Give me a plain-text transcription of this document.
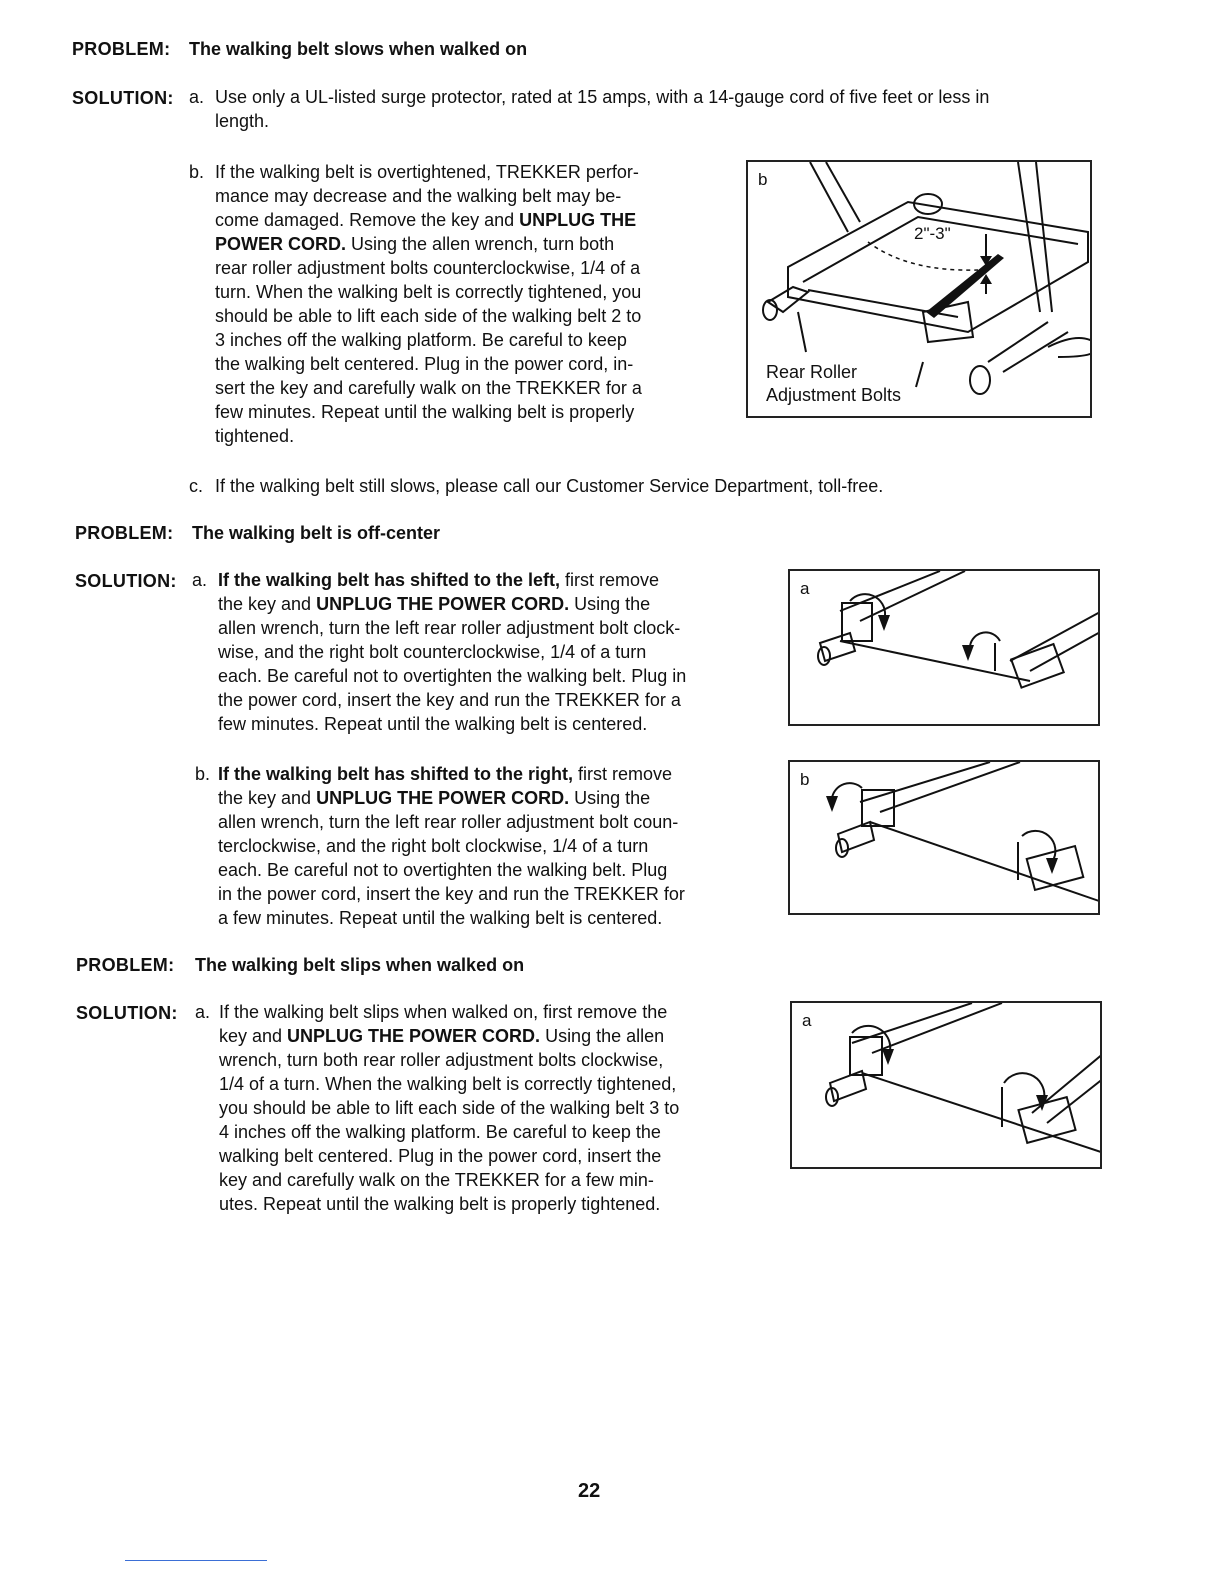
PROBLEM: The walking belt slows when walked on
SOLUTION: a. Use only a UL-listed surge protector, rated at 15 amps, with a 14-gauge cord of five feet or less in
length.
b. If the walking belt is overtightened, TREKKER perfor-
mance may decrease and the walking belt may be-
come damaged. Remove the key and UNPLUG THE
POWER CORD. Using the allen wrench, turn both
rear roller adjustment bolts counterclockwise, 1/4 of a
turn. When the walking belt is correctly tightened, you
should be able to lift each side of the walking belt 2 to
3 inches off the walking platform. Be careful to keep
the walking belt centered. Plug in the power cord, in-
sert the key and carefully walk on the TREKKER for a
few minutes. Repeat until the walking belt is properly
tightened.
c. If the walking belt still slows, please call our Customer Service Department, toll-free.
b
2"-3"
Rear Roller
Adjustment Bolts
PROBLEM: The walking belt is off-center
SOLUTION: a. If the walking belt has shifted to the left, first remove
the key and UNPLUG THE POWER CORD. Using the
allen wrench, turn the left rear roller adjustment bolt clock-
wise, and the right bolt counterclockwise, 1/4 of a turn
each. Be careful not to overtighten the walking belt. Plug in
the power cord, insert the key and run the TREKKER for a
few minutes. Repeat until the walking belt is centered.
b. If the walking belt has shifted to the right, first remove
the key and UNPLUG THE POWER CORD. Using the
allen wrench, turn the left rear roller adjustment bolt coun-
terclockwise, and the right bolt clockwise, 1/4 of a turn
each. Be careful not to overtighten the walking belt. Plug
in the power cord, insert the key and run the TREKKER for
a few minutes. Repeat until the walking belt is centered.
a
b
PROBLEM: The walking belt slips when walked on
SOLUTION: a. If the walking belt slips when walked on, first remove the
key and UNPLUG THE POWER CORD. Using the allen
wrench, turn both rear roller adjustment bolts clockwise,
1/4 of a turn. When the walking belt is correctly tightened,
you should be able to lift each side of the walking belt 3 to
4 inches off the walking platform. Be careful to keep the
walking belt centered. Plug in the power cord, insert the
key and carefully walk on the TREKKER for a few min-
utes. Repeat until the walking belt is properly tightened.
a
22
